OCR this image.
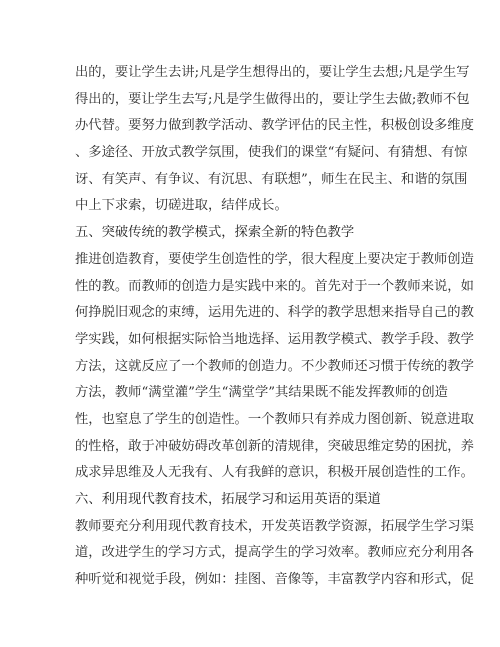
出的，要让学生去讲;凡是学生想得出的，要让学生去想;凡是学生写
得出的，要让学生去写;凡是学生做得出的，要让学生去做;教师不包
办代替。要努力做到教学活动、教学评估的民主性，积极创设多维度
、多途径、开放式教学氛围，使我们的课堂“有疑问、有猜想、有惊
讶、有笑声、有争议、有沉思、有联想”，师生在民主、和谐的氛围
中上下求索，切磋进取，结伴成长。
五、突破传统的教学模式，探索全新的特色教学
推进创造教育，要使学生创造性的学，很大程度上要决定于教师创造
性的教。而教师的创造力是实践中来的。首先对于一个教师来说，如
何挣脱旧观念的束缚，运用先进的、科学的教学思想来指导自己的教
学实践，如何根据实际恰当地选择、运用教学模式、教学手段、教学
方法，这就反应了一个教师的创造力。不少教师还习惯于传统的教学
方法，教师“满堂灌”学生“满堂学”其结果既不能发挥教师的创造
性，也窒息了学生的创造性。一个教师只有养成力图创新、锐意进取
的性格，敢于冲破妨碍改革创新的清规律，突破思维定势的困扰，养
成求异思维及人无我有、人有我鲜的意识，积极开展创造性的工作。
六、利用现代教育技术，拓展学习和运用英语的渠道
教师要充分利用现代教育技术，开发英语教学资源，拓展学生学习渠
道，改进学生的学习方式，提高学生的学习效率。教师应充分利用各
种听觉和视觉手段，例如：挂图、音像等，丰富教学内容和形式，促
